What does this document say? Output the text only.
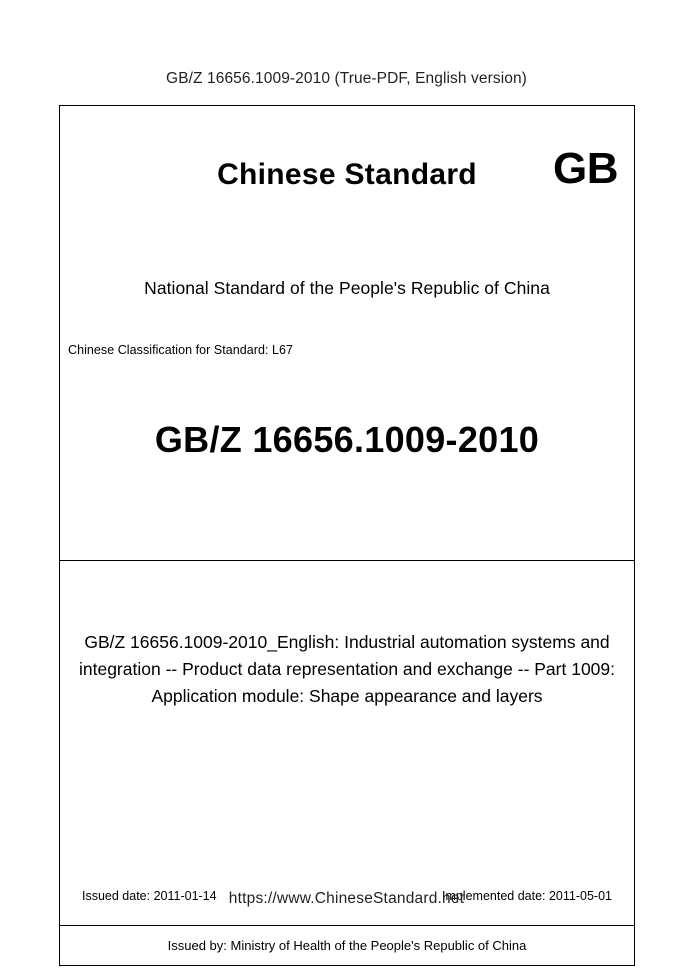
GB/Z 16656.1009-2010 (True-PDF, English version)
Chinese Standard	GB
National Standard of the People's Republic of China
Chinese Classification for Standard: L67
GB/Z 16656.1009-2010
GB/Z 16656.1009-2010_English: Industrial automation systems and integration -- Product data representation and exchange -- Part 1009: Application module: Shape appearance and layers
Issued date: 2011-01-14	Implemented date: 2011-05-01
Issued by: Ministry of Health of the People's Republic of China
https://www.ChineseStandard.net
